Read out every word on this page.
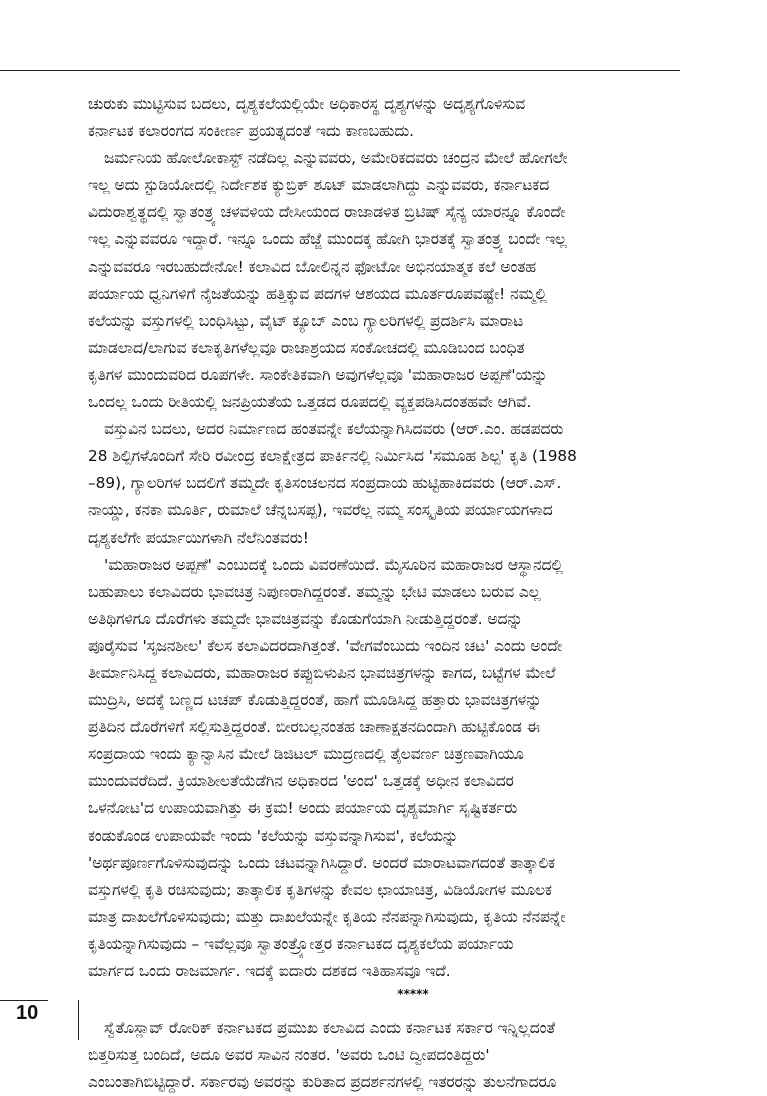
ಚುರುಕು ಮುಟ್ಟಿಸುವ ಬದಲು, ದೃಶ್ಯಕಲೆಯಲ್ಲಿಯೇ ಅಧಿಕಾರಸ್ಥ ದೃಶ್ಯಗಳನ್ನು ಅದೃಶ್ಯಗೊಳಿಸುವ
ಕರ್ನಾಟಕ ಕಲಾರಂಗದ ಸಂಕೀರ್ಣ ಪ್ರಯತ್ನದಂತೆ ಇದು ಕಾಣಬಹುದು.
ಜರ್ಮನಿಯ ಹೋಲೋಕಾಸ್ಟ್ ನಡೆದಿಲ್ಲ ಎನ್ನುವವರು, ಅಮೇರಿಕದವರು ಚಂದ್ರನ ಮೇಲೆ ಹೋಗಲೇ
ಇಲ್ಲ ಅದು ಸ್ಟುಡಿಯೋದಲ್ಲಿ ನಿರ್ದೇಶಕ ಕ್ಯುಬ್ರಿಕ್ ಶೂಟ್ ಮಾಡಲಾಗಿದ್ದು ಎನ್ನುವವರು, ಕರ್ನಾಟಕದ
ವಿದುರಾಶ್ವತ್ಥದಲ್ಲಿ ಸ್ವಾತಂತ್ರ್ಯ ಚಳವಳಿಯ ದೇಸೀಯಂದ ರಾಜಾಡಳಿತ ಬ್ರಿಟಿಷ್ ಸೈನ್ಯ ಯಾರನ್ನೂ ಕೊಂದೇ
ಇಲ್ಲ ಎನ್ನುವವರೂ ಇದ್ದಾರೆ. ಇನ್ನೂ ಒಂದು ಹೆಜ್ಜೆ ಮುಂದಕ್ಕ ಹೋಗಿ ಭಾರತಕ್ಕೆ ಸ್ವಾತಂತ್ರ್ಯ ಬಂದೇ ಇಲ್ಲ
ಎನ್ನುವವರೂ ಇರಬಹುದೇನೋ! ಕಲಾವಿದ ಬೋಲಿನ್ನನ ಫೋಟೋ ಅಭಿನಯಾತ್ಮಕ ಕಲೆ ಅಂತಹ
ಪರ್ಯಾಯ ಧ್ವನಿಗಳಿಗೆ ನೈಜತೆಯನ್ನು ಹತ್ತಿಕ್ಕುವ ಪದಗಳ ಆಶಯದ ಮೂರ್ತರೂಪವಷ್ಟೇ! ನಮ್ಮಲ್ಲಿ
ಕಲೆಯನ್ನು ವಸ್ತುಗಳಲ್ಲಿ ಬಂಧಿಸಿಟ್ಟು, ವೈಟ್ ಕ್ಯೂಬ್ ಎಂಬ ಗ್ಯಾಲರಿಗಳಲ್ಲಿ ಪ್ರದರ್ಶಿಸಿ ಮಾರಾಟ
ಮಾಡಲಾದ/ಲಾಗುವ ಕಲಾಕೃತಿಗಳೆಲ್ಲವೂ ರಾಜಾಶ್ರಯದ ಸಂಕೋಚದಲ್ಲಿ ಮೂಡಿಬಂದ ಬಂಧಿತ
ಕೃತಿಗಳ ಮುಂದುವರಿದ ರೂಪಗಳೇ. ಸಾಂಕೇತಿಕವಾಗಿ ಅವುಗಳೆಲ್ಲವೂ 'ಮಹಾರಾಜರ ಅಪ್ಪಣೆ'ಯನ್ನು
ಒಂದಲ್ಲ ಒಂದು ರೀತಿಯಲ್ಲಿ ಜನಪ್ರಿಯತೆಯ ಒತ್ತಡದ ರೂಪದಲ್ಲಿ ವ್ಯಕ್ತಪಡಿಸಿದಂತಹವೇ ಆಗಿವೆ.
ವಸ್ತುವಿನ ಬದಲು, ಅದರ ನಿರ್ಮಾಣದ ಹಂತವನ್ನೇ ಕಲೆಯನ್ನಾಗಿಸಿದವರು (ಆರ್.ಎಂ. ಹಡಪದರು
28 ಶಿಲ್ಪಿಗಳೊಂದಿಗೆ ಸೇರಿ ರವೀಂದ್ರ ಕಲಾಕ್ಷೇತ್ರದ ಪಾರ್ಕಿನಲ್ಲಿ ನಿರ್ಮಿಸಿದ 'ಸಮೂಹ ಶಿಲ್ಪ' ಕೃತಿ (1988
–89), ಗ್ಯಾಲರಿಗಳ ಬದಲಿಗೆ ತಮ್ಮದೇ ಕೃತಿಸಂಚಲನದ ಸಂಪ್ರದಾಯ ಹುಟ್ಟಿಹಾಕಿದವರು (ಆರ್.ಎಸ್.
ನಾಯ್ಡು, ಕನಕಾ ಮೂರ್ತಿ, ರುಮಾಲೆ ಚೆನ್ನಬಸಪ್ಪ), ಇವರೆಲ್ಲ ನಮ್ಮ ಸಂಸ್ಕೃತಿಯ ಪರ್ಯಾಯಗಳಾದ
ದೃಶ್ಯಕಲೆಗೇ ಪರ್ಯಾಯಿಗಳಾಗಿ ನೆಲೆನಿಂತವರು!
'ಮಹಾರಾಜರ ಅಪ್ಪಣೆ' ಎಂಬುದಕ್ಕೆ ಒಂದು ವಿವರಣೆಯಿದೆ. ಮೈಸೂರಿನ ಮಹಾರಾಜರ ಆಸ್ಥಾನದಲ್ಲಿ
ಬಹುಪಾಲು ಕಲಾವಿದರು ಭಾವಚಿತ್ರ ನಿಪುಣರಾಗಿದ್ದರಂತೆ. ತಮ್ಮನ್ನು ಭೇಟಿ ಮಾಡಲು ಬರುವ ಎಲ್ಲ
ಅತಿಥಿಗಳಿಗೂ ದೊರೆಗಳು ತಮ್ಮದೇ ಭಾವಚಿತ್ರವನ್ನು ಕೊಡುಗೆಯಾಗಿ ನೀಡುತ್ತಿದ್ದರಂತೆ. ಅದನ್ನು
ಪೂರೈಸುವ 'ಸೃಜನಶೀಲ' ಕೆಲಸ ಕಲಾವಿದರದಾಗಿತ್ತಂತೆ. 'ವೇಗವೆಂಬುದು ಇಂದಿನ ಚಟ' ಎಂದು ಅಂದೇ
ತೀರ್ಮಾನಿಸಿದ್ದ ಕಲಾವಿದರು, ಮಹಾರಾಜರ ಕಪ್ಪುಬಿಳುಪಿನ ಭಾವಚಿತ್ರಗಳನ್ನು ಕಾಗದ, ಬಟ್ಟೆಗಳ ಮೇಲೆ
ಮುದ್ರಿಸಿ, ಅದಕ್ಕೆ ಬಣ್ಣದ ಟಚಪ್ ಕೊಡುತ್ತಿದ್ದರಂತೆ, ಹಾಗೆ ಮೂಡಿಸಿದ್ದ ಹತ್ತಾರು ಭಾವಚಿತ್ರಗಳನ್ನು
ಪ್ರತಿದಿನ ದೊರೆಗಳಿಗೆ ಸಲ್ಲಿಸುತ್ತಿದ್ದರಂತೆ. ಬೀರಬಲ್ಲನಂತಹ ಚಾಣಾಕ್ಷತನದಿಂದಾಗಿ ಹುಟ್ಟಿಕೊಂಡ ಈ
ಸಂಪ್ರದಾಯ ಇಂದು ಕ್ಯಾನ್ವಾಸಿನ ಮೇಲೆ ಡಿಜಿಟಲ್ ಮುದ್ರಣದಲ್ಲಿ ತೈಲವರ್ಣ ಚಿತ್ರಣವಾಗಿಯೂ
ಮುಂದುವರೆದಿದೆ. ಕ್ರಿಯಾಶೀಲತೆಯೆಡೆಗಿನ ಅಧಿಕಾರದ 'ಅಂದ' ಒತ್ತಡಕ್ಕೆ ಅಧೀನ ಕಲಾವಿದರ
ಒಳನೋಟ'ದ ಉಪಾಯವಾಗಿತ್ತು ಈ ಕ್ರಮ! ಅಂದು ಪರ್ಯಾಯ ದೃಶ್ಯಮಾರ್ಗಿ ಸೃಷ್ಟಿಕರ್ತರು
ಕಂಡುಕೊಂಡ ಉಪಾಯವೇ ಇಂದು 'ಕಲೆಯನ್ನು ವಸ್ತುವನ್ನಾಗಿಸುವ', ಕಲೆಯನ್ನು
'ಅರ್ಥಪೂರ್ಣಗೊಳಿಸುವುದನ್ನು ಒಂದು ಚಟವನ್ನಾಗಿಸಿದ್ದಾರೆ. ಅಂದರೆ ಮಾರಾಟವಾಗದಂತೆ ತಾತ್ಕಾಲಿಕ
ವಸ್ತುಗಳಲ್ಲಿ ಕೃತಿ ರಚಿಸುವುದು; ತಾತ್ಕಾಲಿಕ ಕೃತಿಗಳನ್ನು ಕೇವಲ ಛಾಯಾಚಿತ್ರ, ವಿಡಿಯೋಗಳ ಮೂಲಕ
ಮಾತ್ರ ದಾಖಲೆಗೊಳಿಸುವುದು; ಮತ್ತು ದಾಖಲೆಯನ್ನೇ ಕೃತಿಯ ನೆನಪನ್ನಾಗಿಸುವುದು, ಕೃತಿಯ ನೆನಪನ್ನೇ
ಕೃತಿಯನ್ನಾಗಿಸುವುದು – ಇವೆಲ್ಲವೂ ಸ್ವಾತಂತ್ರ್ಯೋತ್ತರ ಕರ್ನಾಟಕದ ದೃಶ್ಯಕಲೆಯ ಪರ್ಯಾಯ
ಮಾರ್ಗದ ಒಂದು ರಾಜಮಾರ್ಗ. ಇದಕ್ಕೆ ಐದಾರು ದಶಕದ ಇತಿಹಾಸವೂ ಇದೆ.
*****
ಸ್ವೆತೊಸ್ಲಾವ್ ರೋರಿಕ್ ಕರ್ನಾಟಕದ ಪ್ರಮುಖ ಕಲಾವಿದ ಎಂದು ಕರ್ನಾಟಕ ಸರ್ಕಾರ ಇನ್ನಿಲ್ಲದಂತೆ
ಬಿತ್ತರಿಸುತ್ತ ಬಂದಿದೆ, ಅದೂ ಅವರ ಸಾವಿನ ನಂತರ. 'ಅವರು ಒಂಟಿ ದ್ವೀಪದಂತಿದ್ದರು'
ಎಂಬಂತಾಗಿಬಿಟ್ಟಿದ್ದಾರೆ. ಸರ್ಕಾರವು ಅವರನ್ನು ಕುರಿತಾದ ಪ್ರದರ್ಶನಗಳಲ್ಲಿ ಇತರರನ್ನು ತುಲನೆಗಾದರೂ
10
